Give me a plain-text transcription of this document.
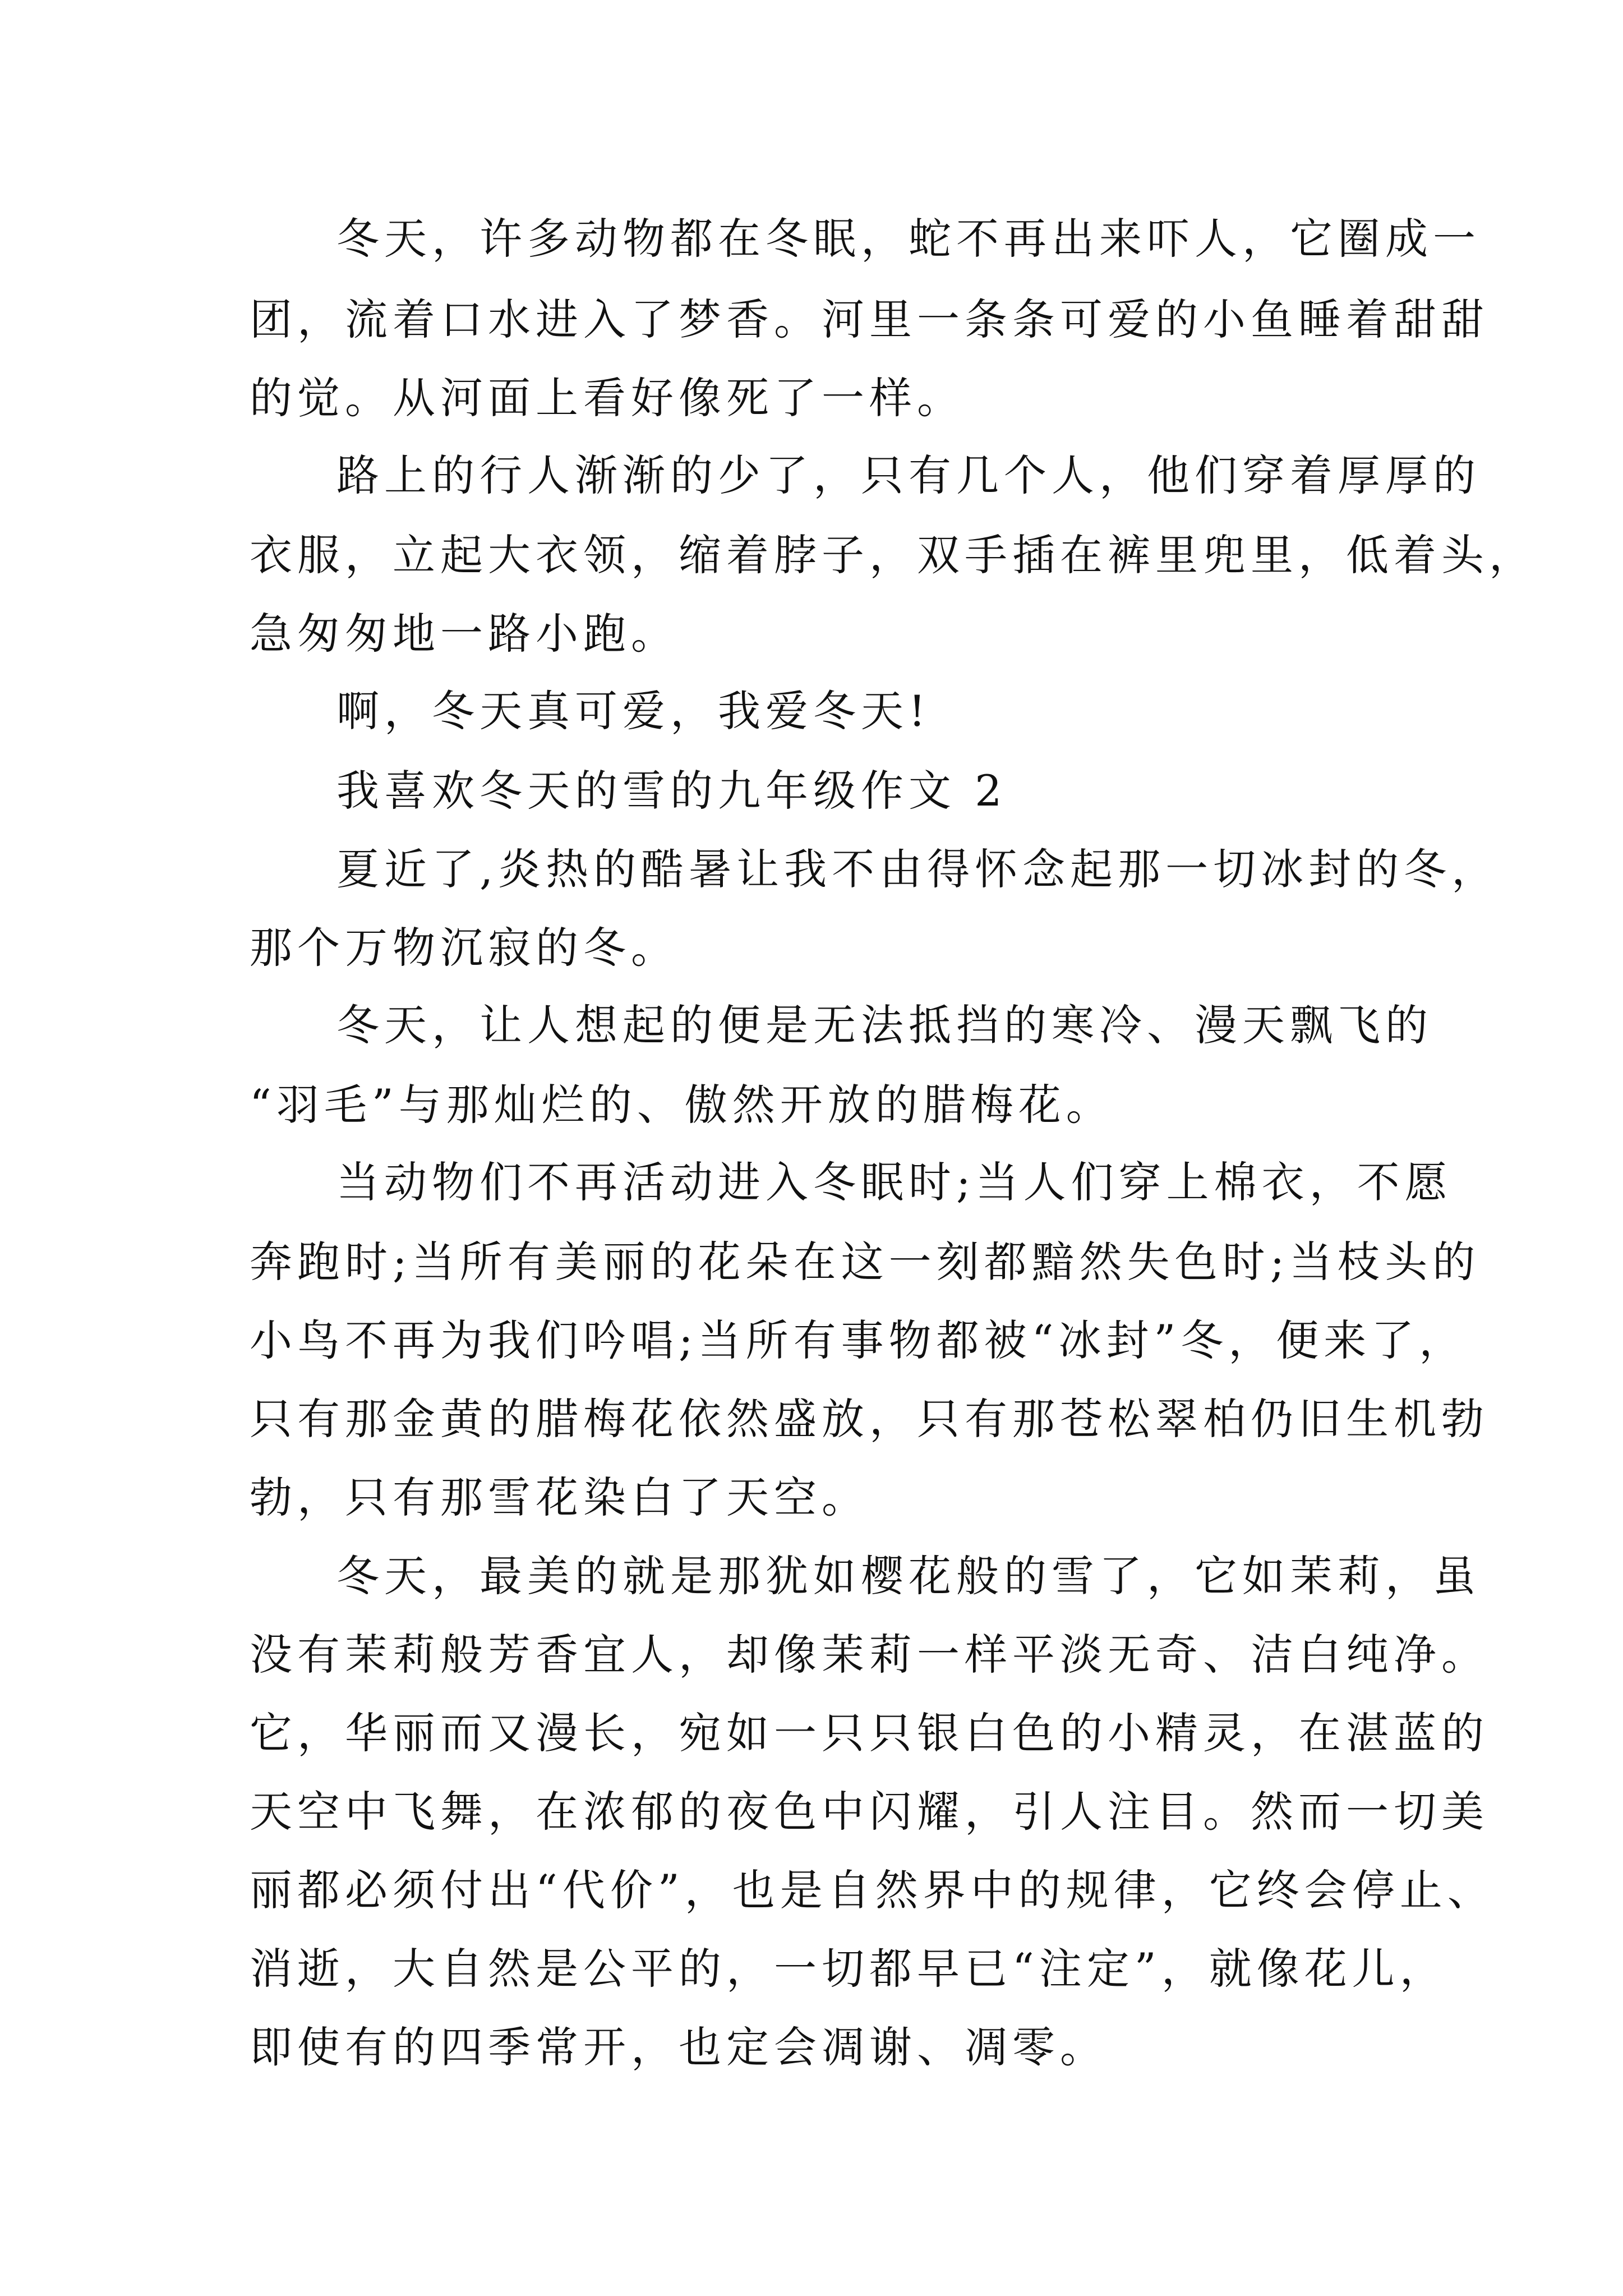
冬天，许多动物都在冬眠，蛇不再出来吓人，它圈成一

团，流着口水进入了梦香。河里一条条可爱的小鱼睡着甜甜

的觉。从河面上看好像死了一样。

路上的行人渐渐的少了，只有几个人，他们穿着厚厚的

衣服，立起大衣领，缩着脖子，双手插在裤里兜里，低着头，

急匆匆地一路小跑。

啊，冬天真可爱，我爱冬天!

我喜欢冬天的雪的九年级作文 2

夏近了,炎热的酷暑让我不由得怀念起那一切冰封的冬，

那个万物沉寂的冬。

冬天，让人想起的便是无法抵挡的寒冷、漫天飘飞的

“羽毛”与那灿烂的、傲然开放的腊梅花。

当动物们不再活动进入冬眠时;当人们穿上棉衣，不愿

奔跑时;当所有美丽的花朵在这一刻都黯然失色时;当枝头的

小鸟不再为我们吟唱;当所有事物都被“冰封”冬，便来了，

只有那金黄的腊梅花依然盛放，只有那苍松翠柏仍旧生机勃

勃，只有那雪花染白了天空。

冬天，最美的就是那犹如樱花般的雪了，它如茉莉，虽

没有茉莉般芳香宜人，却像茉莉一样平淡无奇、洁白纯净。

它，华丽而又漫长，宛如一只只银白色的小精灵，在湛蓝的

天空中飞舞，在浓郁的夜色中闪耀，引人注目。然而一切美

丽都必须付出“代价”，也是自然界中的规律，它终会停止、

消逝，大自然是公平的，一切都早已“注定”，就像花儿，

即使有的四季常开，也定会凋谢、凋零。
